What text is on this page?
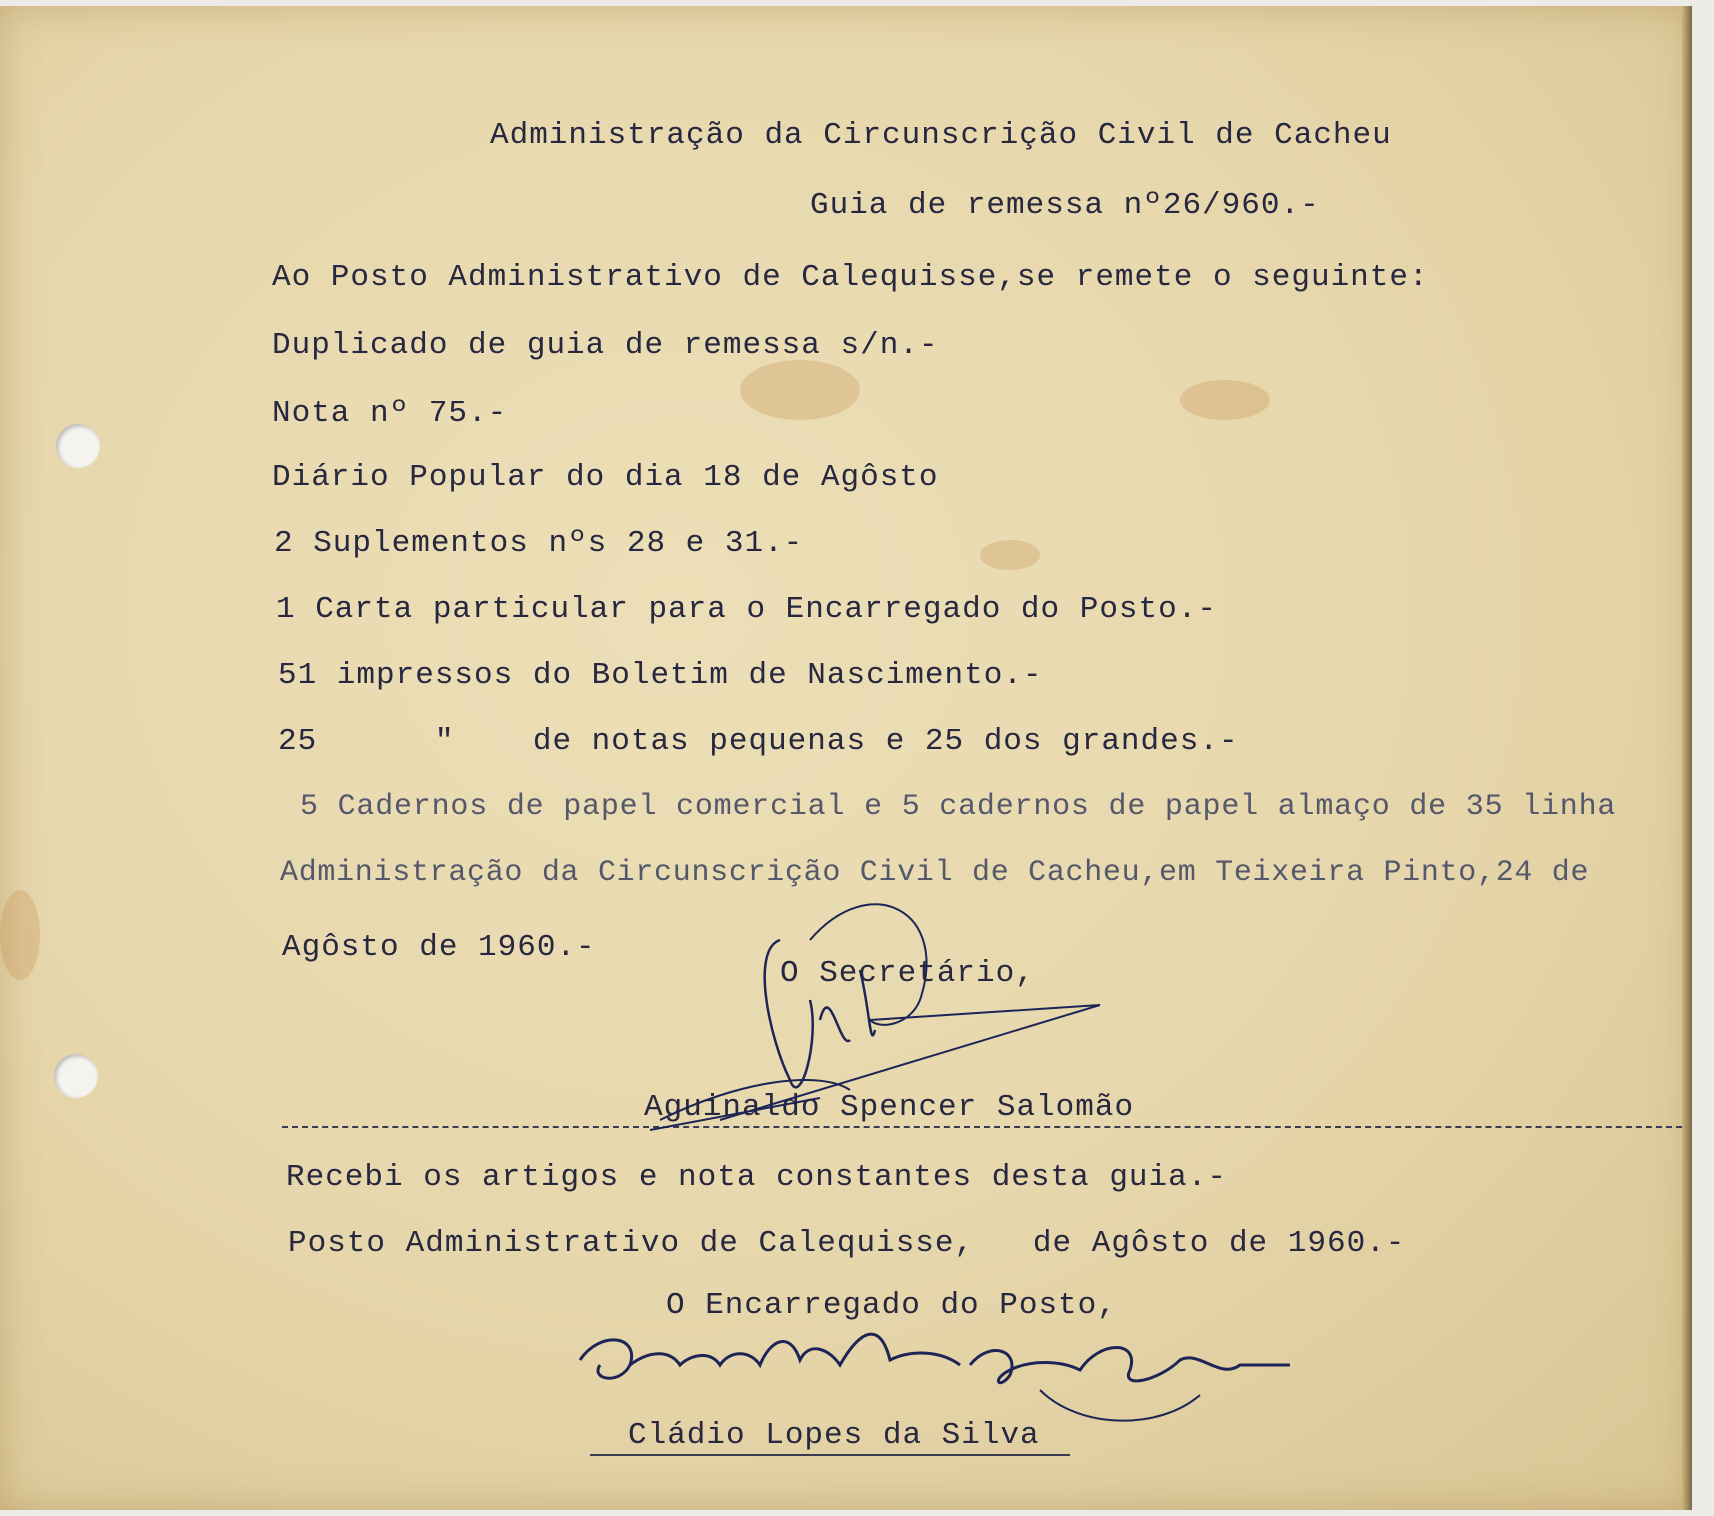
Administração da Circunscrição Civil de Cacheu
Guia de remessa nº26/960.-
Ao Posto Administrativo de Calequisse,se remete o seguinte:
Duplicado de guia de remessa s/n.-
Nota nº 75.-
Diário Popular do dia 18 de Agôsto
2 Suplementos nºs 28 e 31.-
1 Carta particular para o Encarregado do Posto.-
51 impressos do Boletim de Nascimento.-
25      "    de notas pequenas e 25 dos grandes.-
5 Cadernos de papel comercial e 5 cadernos de papel almaço de 35 linha
Administração da Circunscrição Civil de Cacheu,em Teixeira Pinto,24 de
Agôsto de 1960.-
O Secretário,
Aguinaldo Spencer Salomão
Recebi os artigos e nota constantes desta guia.-
Posto Administrativo de Calequisse,   de Agôsto de 1960.-
O Encarregado do Posto,
Cládio Lopes da Silva
